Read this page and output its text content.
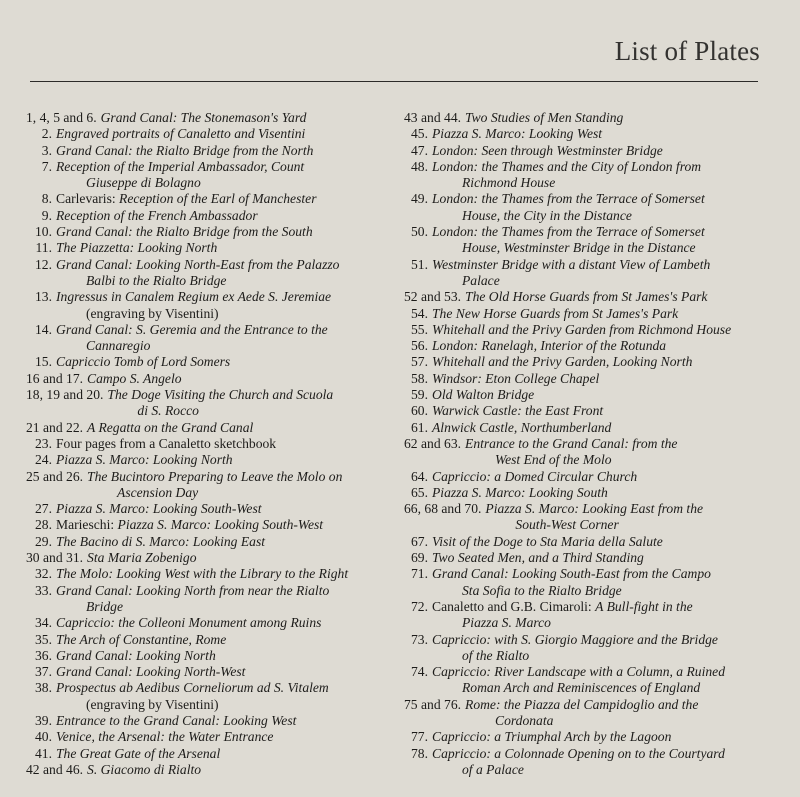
List of Plates
1, 4, 5 and 6. Grand Canal: The Stonemason's Yard
2. Engraved portraits of Canaletto and Visentini
3. Grand Canal: the Rialto Bridge from the North
7. Reception of the Imperial Ambassador, Count
Giuseppe di Bolagno
8. Carlevaris: Reception of the Earl of Manchester
9. Reception of the French Ambassador
10. Grand Canal: the Rialto Bridge from the South
11. The Piazzetta: Looking North
12. Grand Canal: Looking North-East from the Palazzo
Balbi to the Rialto Bridge
13. Ingressus in Canalem Regium ex Aede S. Jeremiae
(engraving by Visentini)
14. Grand Canal: S. Geremia and the Entrance to the
Cannaregio
15. Capriccio Tomb of Lord Somers
16 and 17. Campo S. Angelo
18, 19 and 20. The Doge Visiting the Church and Scuola
di S. Rocco
21 and 22. A Regatta on the Grand Canal
23. Four pages from a Canaletto sketchbook
24. Piazza S. Marco: Looking North
25 and 26. The Bucintoro Preparing to Leave the Molo on
Ascension Day
27. Piazza S. Marco: Looking South-West
28. Marieschi: Piazza S. Marco: Looking South-West
29. The Bacino di S. Marco: Looking East
30 and 31. Sta Maria Zobenigo
32. The Molo: Looking West with the Library to the Right
33. Grand Canal: Looking North from near the Rialto
Bridge
34. Capriccio: the Colleoni Monument among Ruins
35. The Arch of Constantine, Rome
36. Grand Canal: Looking North
37. Grand Canal: Looking North-West
38. Prospectus ab Aedibus Corneliorum ad S. Vitalem
(engraving by Visentini)
39. Entrance to the Grand Canal: Looking West
40. Venice, the Arsenal: the Water Entrance
41. The Great Gate of the Arsenal
42 and 46. S. Giacomo di Rialto
43 and 44. Two Studies of Men Standing
45. Piazza S. Marco: Looking West
47. London: Seen through Westminster Bridge
48. London: the Thames and the City of London from
Richmond House
49. London: the Thames from the Terrace of Somerset
House, the City in the Distance
50. London: the Thames from the Terrace of Somerset
House, Westminster Bridge in the Distance
51. Westminster Bridge with a distant View of Lambeth
Palace
52 and 53. The Old Horse Guards from St James's Park
54. The New Horse Guards from St James's Park
55. Whitehall and the Privy Garden from Richmond House
56. London: Ranelagh, Interior of the Rotunda
57. Whitehall and the Privy Garden, Looking North
58. Windsor: Eton College Chapel
59. Old Walton Bridge
60. Warwick Castle: the East Front
61. Alnwick Castle, Northumberland
62 and 63. Entrance to the Grand Canal: from the
West End of the Molo
64. Capriccio: a Domed Circular Church
65. Piazza S. Marco: Looking South
66, 68 and 70. Piazza S. Marco: Looking East from the
South-West Corner
67. Visit of the Doge to Sta Maria della Salute
69. Two Seated Men, and a Third Standing
71. Grand Canal: Looking South-East from the Campo
Sta Sofia to the Rialto Bridge
72. Canaletto and G.B. Cimaroli: A Bull-fight in the
Piazza S. Marco
73. Capriccio: with S. Giorgio Maggiore and the Bridge
of the Rialto
74. Capriccio: River Landscape with a Column, a Ruined
Roman Arch and Reminiscences of England
75 and 76. Rome: the Piazza del Campidoglio and the
Cordonata
77. Capriccio: a Triumphal Arch by the Lagoon
78. Capriccio: a Colonnade Opening on to the Courtyard
of a Palace
